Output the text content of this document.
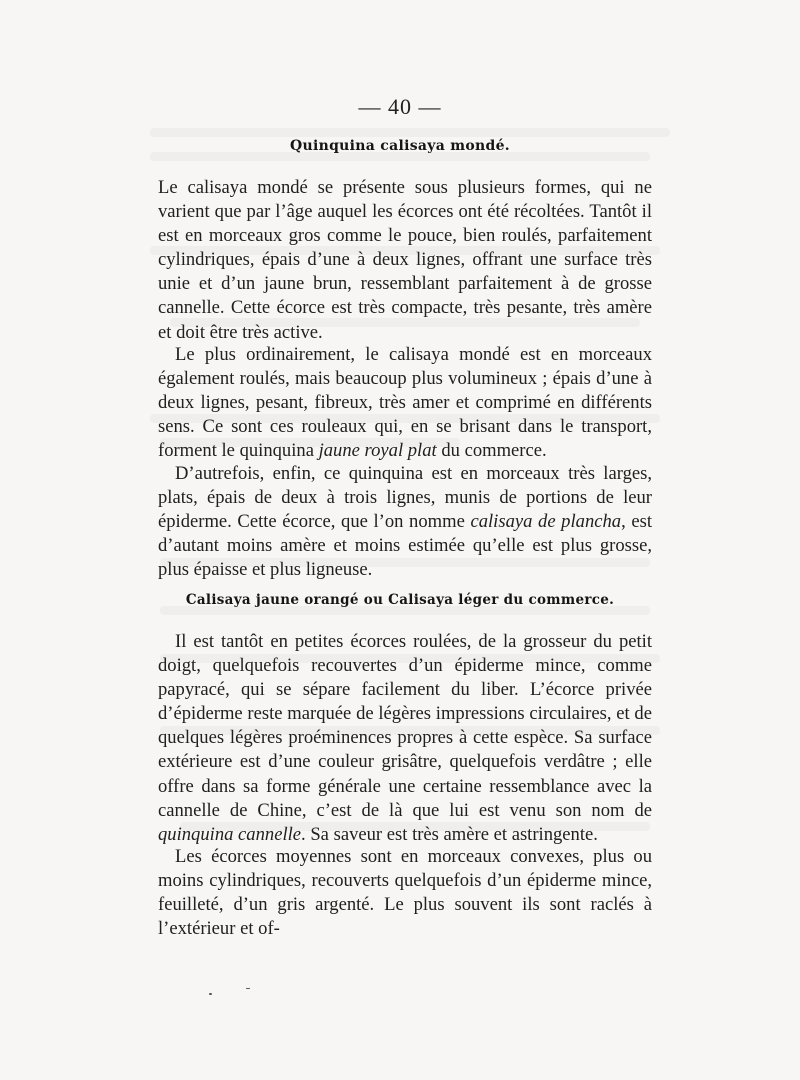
— 40 —
Quinquina calisaya mondé.

Le calisaya mondé se présente sous plusieurs formes, qui ne varient que par l’âge auquel les écorces ont été récoltées. Tantôt il est en morceaux gros comme le pouce, bien roulés, parfaitement cylindriques, épais d’une à deux lignes, offrant une surface très unie et d’un jaune brun, ressemblant parfaitement à de grosse cannelle. Cette écorce est très compacte, très pesante, très amère et doit être très active.

Le plus ordinairement, le calisaya mondé est en morceaux également roulés, mais beaucoup plus volumineux ; épais d’une à deux lignes, pesant, fibreux, très amer et comprimé en différents sens. Ce sont ces rouleaux qui, en se brisant dans le transport, forment le quinquina jaune royal plat du commerce.

D’autrefois, enfin, ce quinquina est en morceaux très larges, plats, épais de deux à trois lignes, munis de portions de leur épiderme. Cette écorce, que l’on nomme calisaya de plancha, est d’autant moins amère et moins estimée qu’elle est plus grosse, plus épaisse et plus ligneuse.

Calisaya jaune orangé ou Calisaya léger du commerce.

Il est tantôt en petites écorces roulées, de la grosseur du petit doigt, quelquefois recouvertes d’un épiderme mince, comme papyracé, qui se sépare facilement du liber. L’écorce privée d’épiderme reste marquée de légères impressions circulaires, et de quelques légères proéminences propres à cette espèce. Sa surface extérieure est d’une couleur grisâtre, quelquefois verdâtre ; elle offre dans sa forme générale une certaine ressemblance avec la cannelle de Chine, c’est de là que lui est venu son nom de quinquina cannelle. Sa saveur est très amère et astringente.

Les écorces moyennes sont en morceaux convexes, plus ou moins cylindriques, recouverts quelquefois d’un épiderme mince, feuilleté, d’un gris argenté. Le plus souvent ils sont raclés à l’extérieur et of-
